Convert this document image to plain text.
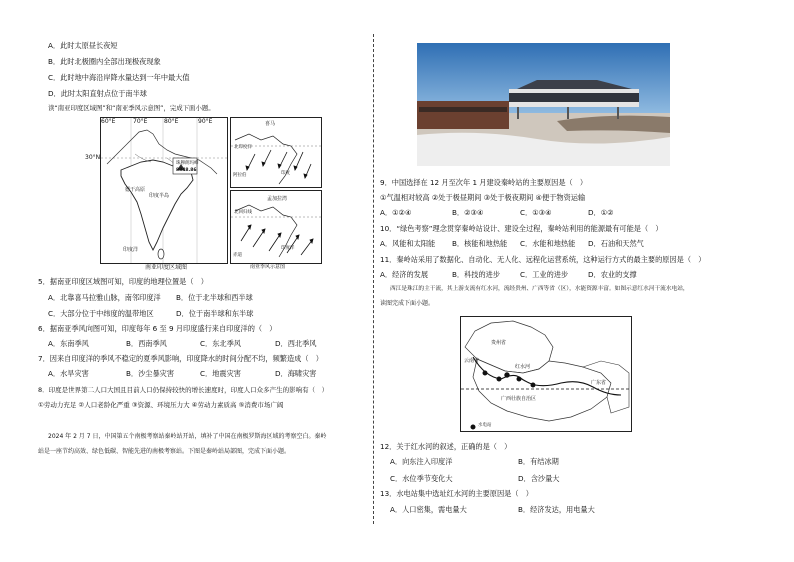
A．此时太原昼长夜短
B．此时北极圈内全部出现极夜现象
C．此时地中海沿岸降水量达到一年中最大值
D．此时太阳直射点位于南半球
读“南亚印度区域图”和“南亚季风示意图”，完成下面小题。
60°E	70°E	80°E	90°E
珠穆朗玛峰
8848.86
德干高原
印度半岛
印度洋
30°N
南亚印度区域图
喜马
北印度洋
阿拉伯	印度
孟加拉湾
北回归线
印度洋
赤道
南亚季风示意图
5．据南亚印度区域图可知，印度的地理位置是（　）
A．北靠喜马拉雅山脉，南邻印度洋 B．位于北半球和西半球
C．大部分位于中纬度的温带地区	D．位于南半球和东半球
6．据南亚季风向图可知，印度每年 6 至 9 月印度盛行来自印度洋的（　）
A．东南季风	B．西南季风	C．东北季风	D．西北季风
7．因来自印度洋的季风不稳定的夏季风影响，印度降水的时间分配不均，频繁造成（　）
A．水旱灾害	B．沙尘暴灾害	C．地震灾害	D．海啸灾害
8．印度是世界第二人口大国且目前人口仍保持较快的增长速度时，印度人口众多产生的影响有（　）
①劳动力充足 ②人口老龄化严重 ③资源、环境压力大 ④劳动力素质高 ⑤消费市场广阔
2024 年 2 月 7 日，中国第五个南极考察站秦岭站开站，填补了中国在南极罗斯海区域的考察空白。秦岭
站是一座节约高效、绿色低碳、智能先进的南极考察站。下图是秦岭站局部图，完成下面小题。
9．中国选择在 12 月至次年 1 月建设秦岭站的主要原因是（　）
①气温相对较高 ②处于极昼期间 ③处于极夜期间 ④便于物资运输
A．①②④	B．②③④	C．①③④	D．①②
10．“绿色考察”理念贯穿秦岭站设计、建设全过程，秦岭站利用的能源最有可能是（　）
A．风能和太阳能 B．核能和地热能 C．水能和地热能 D．石油和天然气
11．秦岭站采用了数据化、自动化、无人化、远程化运营系统，这种运行方式的最主要的原因是（　）
A．经济的发展	B．科技的进步	C．工业的进步	D．农业的支撑
西江是珠江的主干流，其上游支流有红水河，流经贵州、广西等省（区），水能资源丰富。如图示意红水河干流水电站，
读图完成下面小题。
贵州省
云南省
广西壮族自治区
广东省
红水河
水电站
12．关于红水河的叙述，正确的是（　）
A．向东注入印度洋	B．有结冰期
C．水位季节变化大	D．含沙量大
13．水电站集中选址红水河的主要原因是（　）
A．人口密集，需电量大	B．经济发达，用电量大
